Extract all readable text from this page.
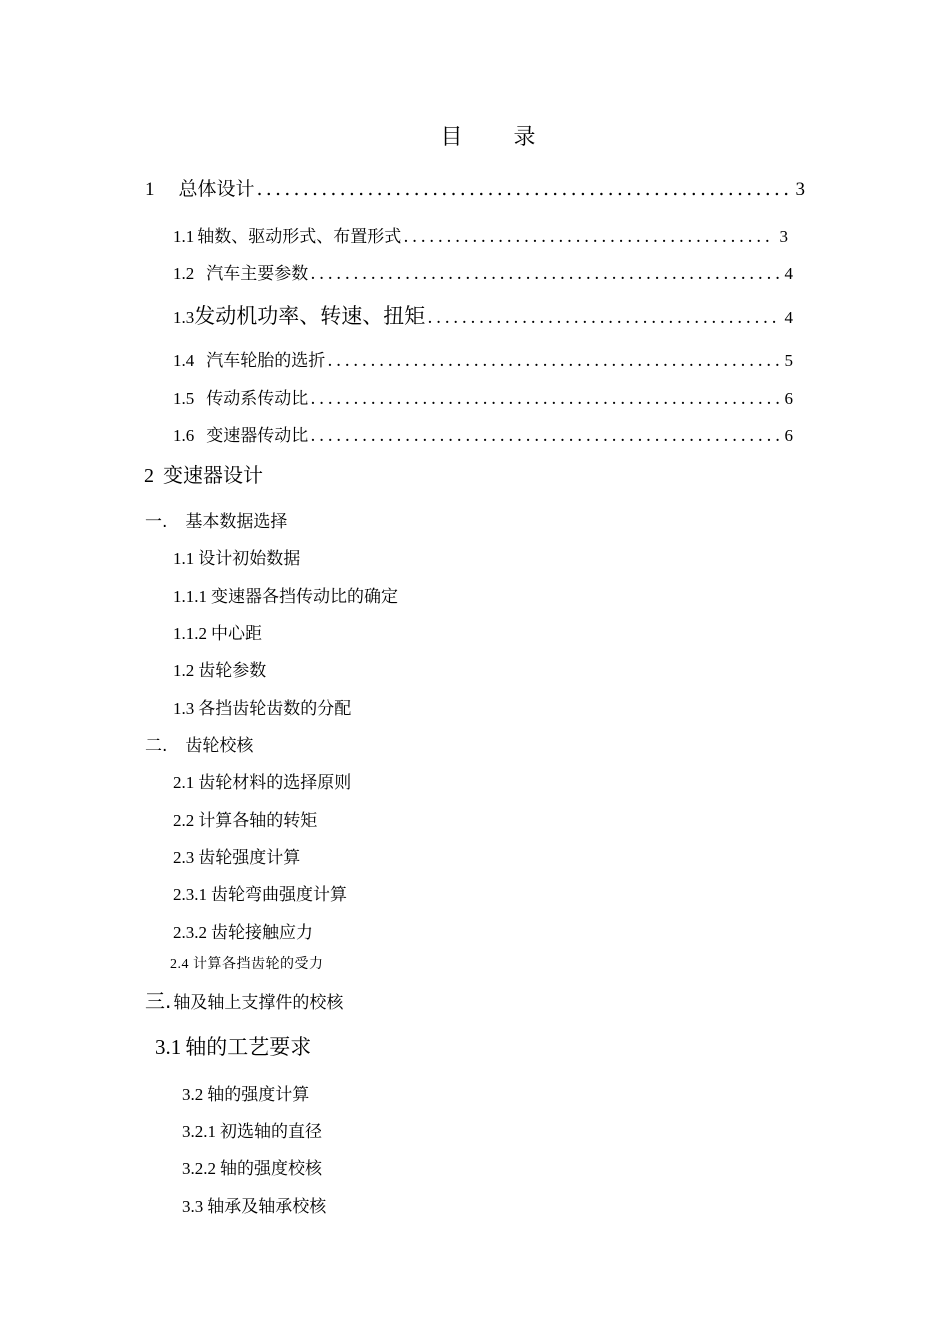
目 录
1 总体设计 .....	3
1.1 轴数、驱动形式、布置形式 .....	3
1.2 汽车主要参数 .....	4
1.3发动机功率、转速、扭矩 .....	4
1.4 汽车轮胎的选折 .....	5
1.5 传动系传动比 .....	6
1.6 变速器传动比 .....	6
2 变速器设计
一. 基本数据选择
1.1 设计初始数据
1.1.1 变速器各挡传动比的确定
1.1.2 中心距
1.2 齿轮参数
1.3 各挡齿轮齿数的分配
二. 齿轮校核
2.1 齿轮材料的选择原则
2.2 计算各轴的转矩
2.3 齿轮强度计算
2.3.1 齿轮弯曲强度计算
2.3.2 齿轮接触应力
2.4 计算各挡齿轮的受力
三. 轴及轴上支撑件的校核
3.1 轴的工艺要求
3.2 轴的强度计算
3.2.1 初选轴的直径
3.2.2 轴的强度校核
3.3 轴承及轴承校核
